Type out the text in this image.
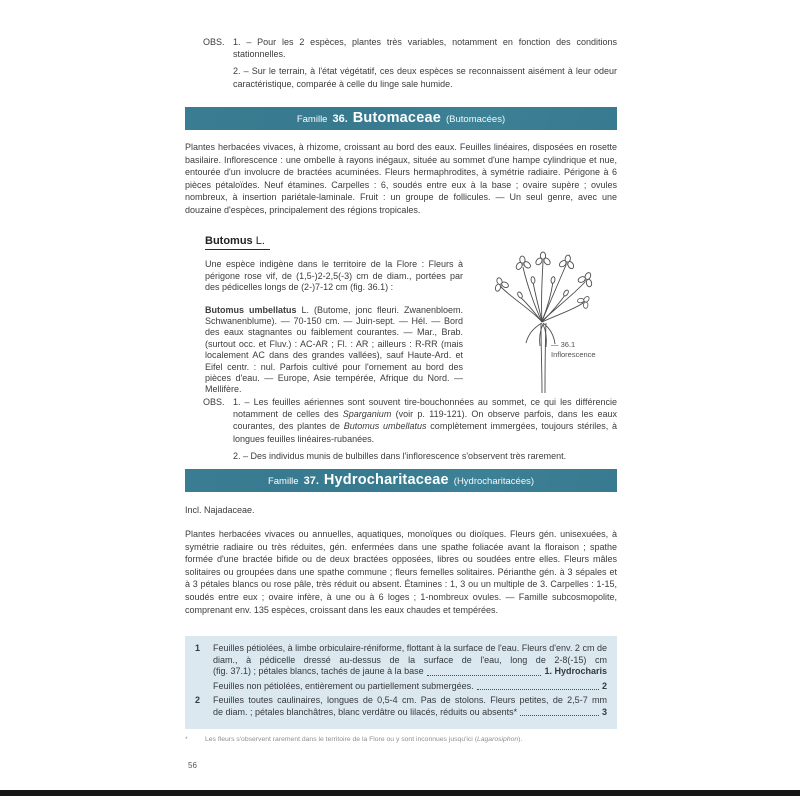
OBS. 1. – Pour les 2 espèces, plantes très variables, notamment en fonction des conditions stationnelles.

2. – Sur le terrain, à l'état végétatif, ces deux espèces se reconnaissent aisément à leur odeur caractéristique, comparée à celle du linge sale humide.

Famille 36. Butomaceae (Butomacées)

Plantes herbacées vivaces, à rhizome, croissant au bord des eaux. Feuilles linéaires, disposées en rosette basilaire. Inflorescence : une ombelle à rayons inégaux, située au sommet d'une hampe cylindrique et nue, entourée d'un involucre de bractées acuminées. Fleurs hermaphrodites, à symétrie radiaire. Périgone à 6 pièces pétaloïdes. Neuf étamines. Carpelles : 6, soudés entre eux à la base ; ovaire supère ; ovules nombreux, à insertion pariétale-laminale. Fruit : un groupe de follicules. — Un seul genre, avec une douzaine d'espèces, principalement des régions tropicales.

Butomus L.

Une espèce indigène dans le territoire de la Flore : Fleurs à périgone rose vif, de (1,5-)2-2,5(-3) cm de diam., portées par des pédicelles longs de (2-)7-12 cm (fig. 36.1) :

Butomus umbellatus L. (Butome, jonc fleuri. Zwanenbloem. Schwanenblume). — 70-150 cm. — Juin-sept. — Hél. — Bord des eaux stagnantes ou faiblement courantes. — Mar., Brab. (surtout occ. et Fluv.) : AC-AR ; Fl. : AR ; ailleurs : R-RR (mais localement AC dans des grandes vallées), sauf Haute-Ard. et Eifel centr. : nul. Parfois cultivé pour l'ornement au bord des pièces d'eau. — Europe, Asie tempérée, Afrique du Nord. — Mellifère.

— 36.1
Inflorescence
OBS. 1. – Les feuilles aériennes sont souvent tire-bouchonnées au sommet, ce qui les différencie notamment de celles des Sparganium (voir p. 119-121). On observe parfois, dans les eaux courantes, des plantes de Butomus umbellatus complètement immergées, toujours stériles, à longues feuilles linéaires-rubanées.

2. – Des individus munis de bulbilles dans l'inflorescence s'observent très rarement.

Famille 37. Hydrocharitaceae (Hydrocharitacées)

Incl. Najadaceae.

Plantes herbacées vivaces ou annuelles, aquatiques, monoïques ou dioïques. Fleurs gén. unisexuées, à symétrie radiaire ou très réduites, gén. enfermées dans une spathe foliacée avant la floraison ; spathe formée d'une bractée bifide ou de deux bractées opposées, libres ou soudées entre elles. Fleurs mâles solitaires ou groupées dans une spathe commune ; fleurs femelles solitaires. Périanthe gén. à 3 sépales et à 3 pétales blancs ou rose pâle, très réduit ou absent. Étamines : 1, 3 ou un multiple de 3. Carpelles : 1-15, soudés entre eux ; ovaire infère, à une ou à 6 loges ; 1-nombreux ovules. — Famille subcosmopolite, comprenant env. 135 espèces, croissant dans les eaux chaudes et tempérées.

1	Feuilles pétiolées, à limbe orbiculaire-réniforme, flottant à la surface de l'eau. Fleurs d'env. 2 cm de diam., à pédicelle dressé au-dessus de la surface de l'eau, long de 2-8(-15) cm

(fig. 37.1) ; pétales blancs, tachés de jaune à la base	1. Hydrocharis
Feuilles non pétiolées, entièrement ou partiellement submergées.	2
2	Feuilles toutes caulinaires, longues de 0,5-4 cm. Pas de stolons. Fleurs petites, de 2,5-7 mm

de diam. ; pétales blanchâtres, blanc verdâtre ou lilacés, réduits ou absents*	3
*	Les fleurs s'observent rarement dans le territoire de la Flore ou y sont inconnues jusqu'ici (Lagarosiphon).

56
